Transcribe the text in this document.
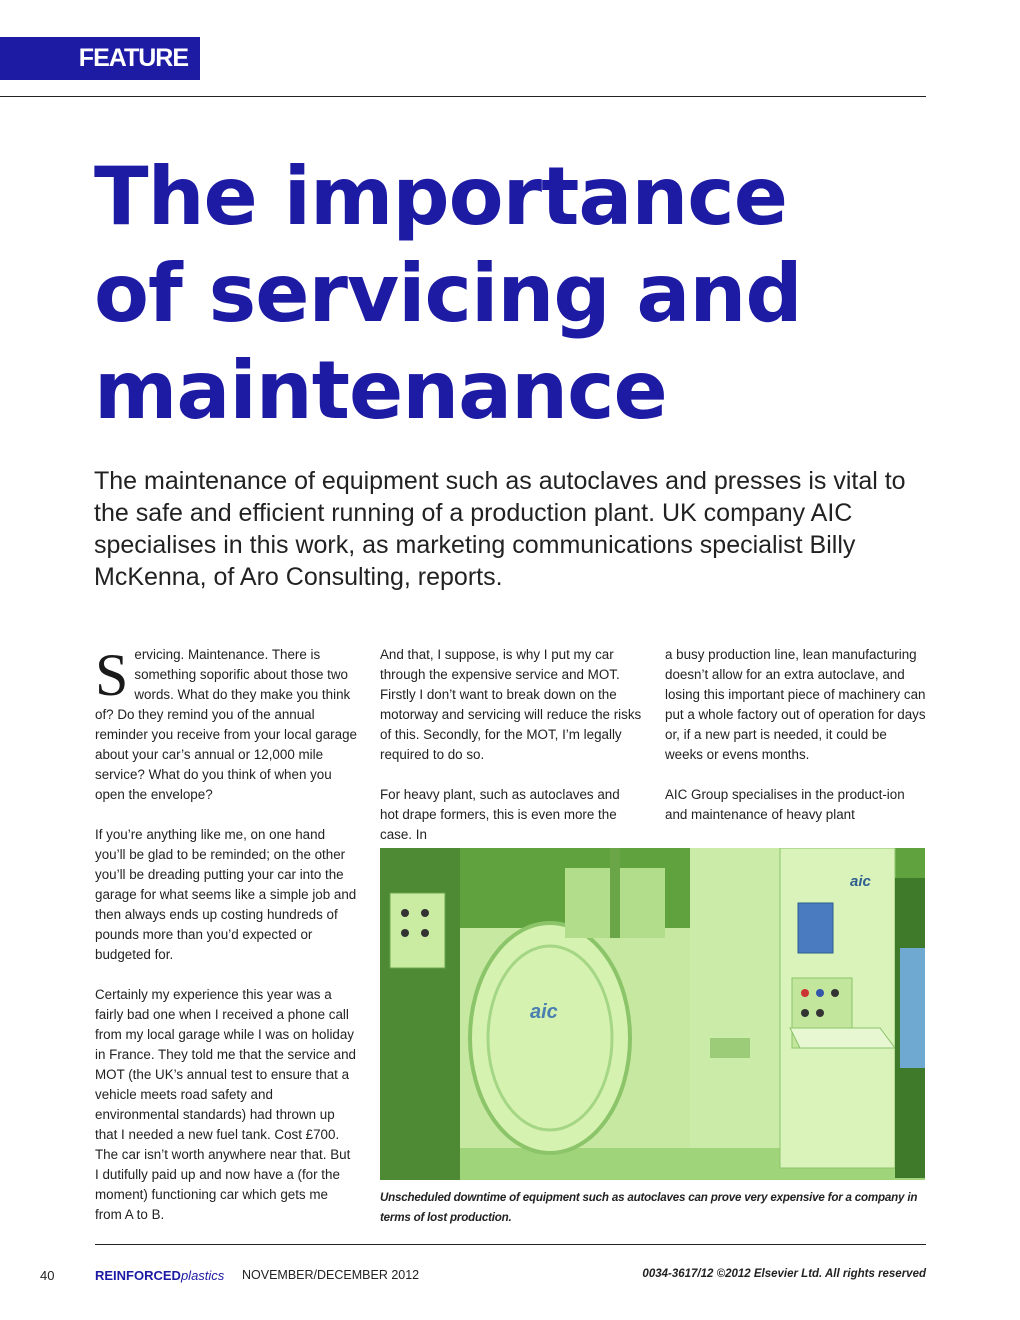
FEATURE
The importance
of servicing and
maintenance
The maintenance of equipment such as autoclaves and presses is vital to the safe and efficient running of a production plant. UK company AIC specialises in this work, as marketing communications specialist Billy McKenna, of Aro Consulting, reports.

Servicing. Maintenance. There is something soporific about those two words. What do they make you think of? Do they remind you of the annual reminder you receive from your local garage about your car’s annual or 12,000 mile service? What do you think of when you open the envelope?

If you’re anything like me, on one hand you’ll be glad to be reminded; on the other you’ll be dreading putting your car into the garage for what seems like a simple job and then always ends up costing hundreds of pounds more than you’d expected or budgeted for.

Certainly my experience this year was a fairly bad one when I received a phone call from my local garage while I was on holiday in France. They told me that the service and MOT (the UK’s annual test to ensure that a vehicle meets road safety and environmental standards) had thrown up that I needed a new fuel tank. Cost £700. The car isn’t worth anywhere near that. But I dutifully paid up and now have a (for the moment) functioning car which gets me from A to B.

And that, I suppose, is why I put my car through the expensive service and MOT. Firstly I don’t want to break down on the motorway and servicing will reduce the risks of this. Secondly, for the MOT, I’m legally required to do so.

For heavy plant, such as autoclaves and hot drape formers, this is even more the case. In

a busy production line, lean manufacturing doesn’t allow for an extra autoclave, and losing this important piece of machinery can put a whole factory out of operation for days or, if a new part is needed, it could be weeks or evens months.

AIC Group specialises in the product-ion and maintenance of heavy plant

aic
aic
Unscheduled downtime of equipment such as autoclaves can prove very expensive for a company in terms of lost production.
40	REINFORCEDplastics NOVEMBER/DECEMBER 2012	0034-3617/12 ©2012 Elsevier Ltd. All rights reserved
